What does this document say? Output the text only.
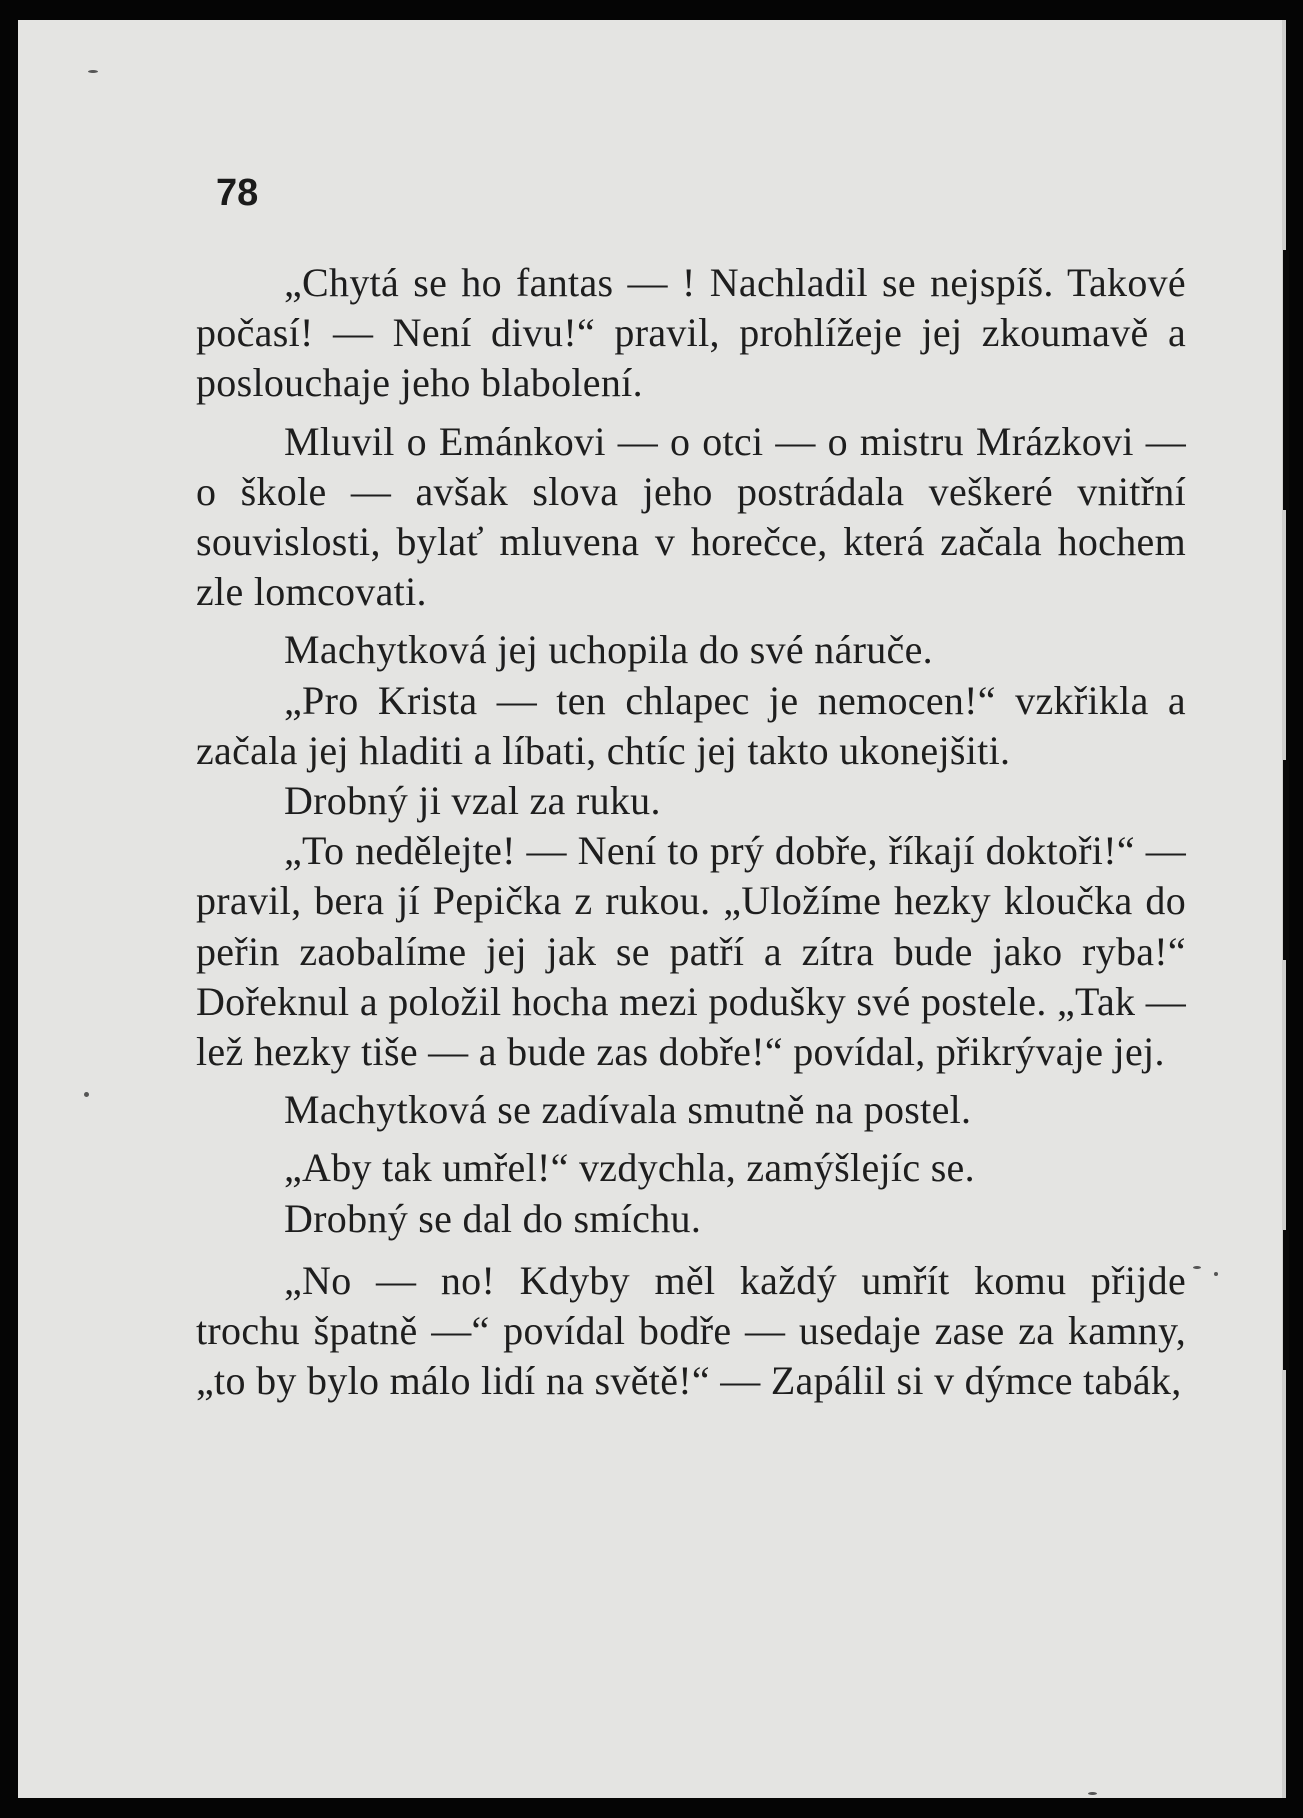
78

„Chytá se ho fantas — ! Nachladil se nejspíš. Takové počasí! — Není divu!“ pravil, prohlížeje jej zkoumavě a poslouchaje jeho blabolení.

Mluvil o Emánkovi — o otci — o mistru Mrázkovi — o škole — avšak slova jeho postrádala veškeré vnitřní souvislosti, bylať mluvena v horečce, která začala hochem zle lomcovati.

Machytková jej uchopila do své náruče.

„Pro Krista — ten chlapec je nemocen!“ vzkřikla a začala jej hladiti a líbati, chtíc jej takto ukonejšiti.

Drobný ji vzal za ruku.

„To nedělejte! — Není to prý dobře, říkají doktoři!“ — pravil, bera jí Pepička z rukou. „Uložíme hezky kloučka do peřin zaobalíme jej jak se patří a zítra bude jako ryba!“ Dořeknul a položil hocha mezi podušky své postele. „Tak — lež hezky tiše — a bude zas dobře!“ povídal, přikrývaje jej.

Machytková se zadívala smutně na postel.

„Aby tak umřel!“ vzdychla, zamýšlejíc se.

Drobný se dal do smíchu.

„No — no! Kdyby měl každý umřít komu přijde trochu špatně —“ povídal bodře — usedaje zase za kamny, „to by bylo málo lidí na světě!“ — Zapálil si v dýmce tabák,
